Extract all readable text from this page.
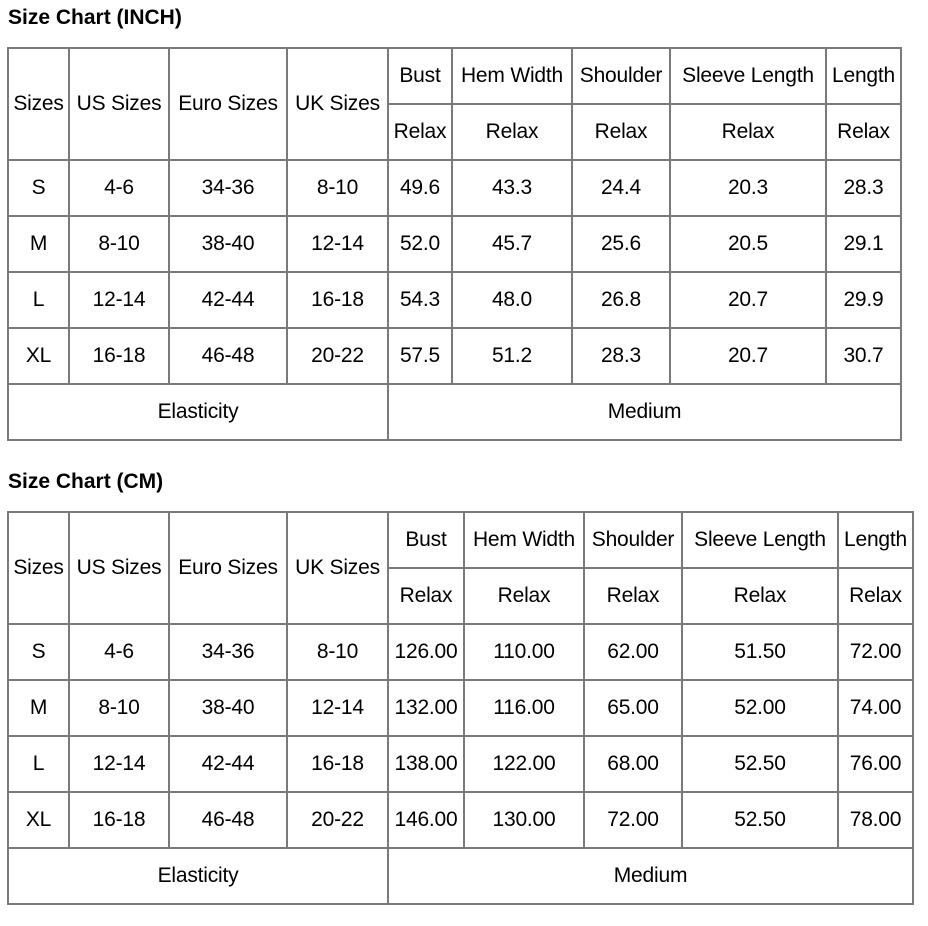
Size Chart (INCH)
Sizes	US Sizes	Euro Sizes	UK Sizes	Bust	Hem Width	Shoulder	Sleeve Length	Length
				Relax	Relax	Relax	Relax	Relax
S	4-6	34-36	8-10	49.6	43.3	24.4	20.3	28.3
M	8-10	38-40	12-14	52.0	45.7	25.6	20.5	29.1
L	12-14	42-44	16-18	54.3	48.0	26.8	20.7	29.9
XL	16-18	46-48	20-22	57.5	51.2	28.3	20.7	30.7
Elasticity				Medium				
Size Chart (CM)
Sizes	US Sizes	Euro Sizes	UK Sizes	Bust	Hem Width	Shoulder	Sleeve Length	Length
				Relax	Relax	Relax	Relax	Relax
S	4-6	34-36	8-10	126.00	110.00	62.00	51.50	72.00
M	8-10	38-40	12-14	132.00	116.00	65.00	52.00	74.00
L	12-14	42-44	16-18	138.00	122.00	68.00	52.50	76.00
XL	16-18	46-48	20-22	146.00	130.00	72.00	52.50	78.00
Elasticity				Medium				
